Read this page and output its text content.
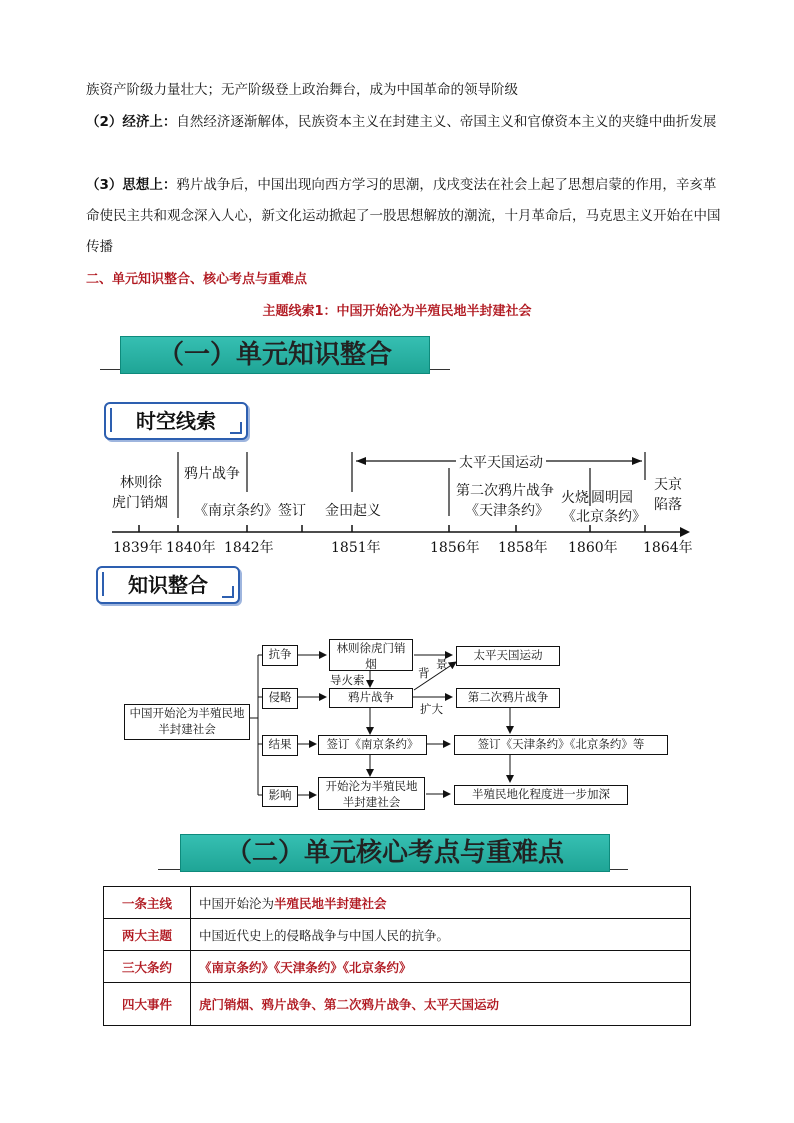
族资产阶级力量壮大；无产阶级登上政治舞台，成为中国革命的领导阶级
（2）经济上：自然经济逐渐解体，民族资本主义在封建主义、帝国主义和官僚资本主义的夹缝中曲折发展
（3）思想上：鸦片战争后，中国出现向西方学习的思潮，戊戌变法在社会上起了思想启蒙的作用，辛亥革命使民主共和观念深入人心，新文化运动掀起了一股思想解放的潮流，十月革命后，马克思主义开始在中国传播
二、单元知识整合、核心考点与重难点
主题线索1：中国开始沦为半殖民地半封建社会
（一）单元知识整合
时空线索
林则徐
虎门销烟
鸦片战争
《南京条约》签订 金田起义
太平天国运动
第二次鸦片战争
《天津条约》
火烧 圆明园
《北京条约》
天京
陷落
1839年 1840年 1842年	1851年	1856年 1858年 1860年 1864年
知识整合
中国开始沦为半殖民地半封建社会
抗争
侵略
结果
影响
林则徐虎门销烟
鸦片战争
签订《南京条约》
开始沦为半殖民地半封建社会
太平天国运动
第二次鸦片战争
签订《天津条约》《北京条约》等
半殖民地化程度进一步加深
导火索	背
景
扩大
（二）单元核心考点与重难点
一条主线	中国开始沦为半殖民地半封建社会
两大主题	中国近代史上的侵略战争与中国人民的抗争。
三大条约	《南京条约》《天津条约》《北京条约》
四大事件	虎门销烟、鸦片战争、第二次鸦片战争、太平天国运动
